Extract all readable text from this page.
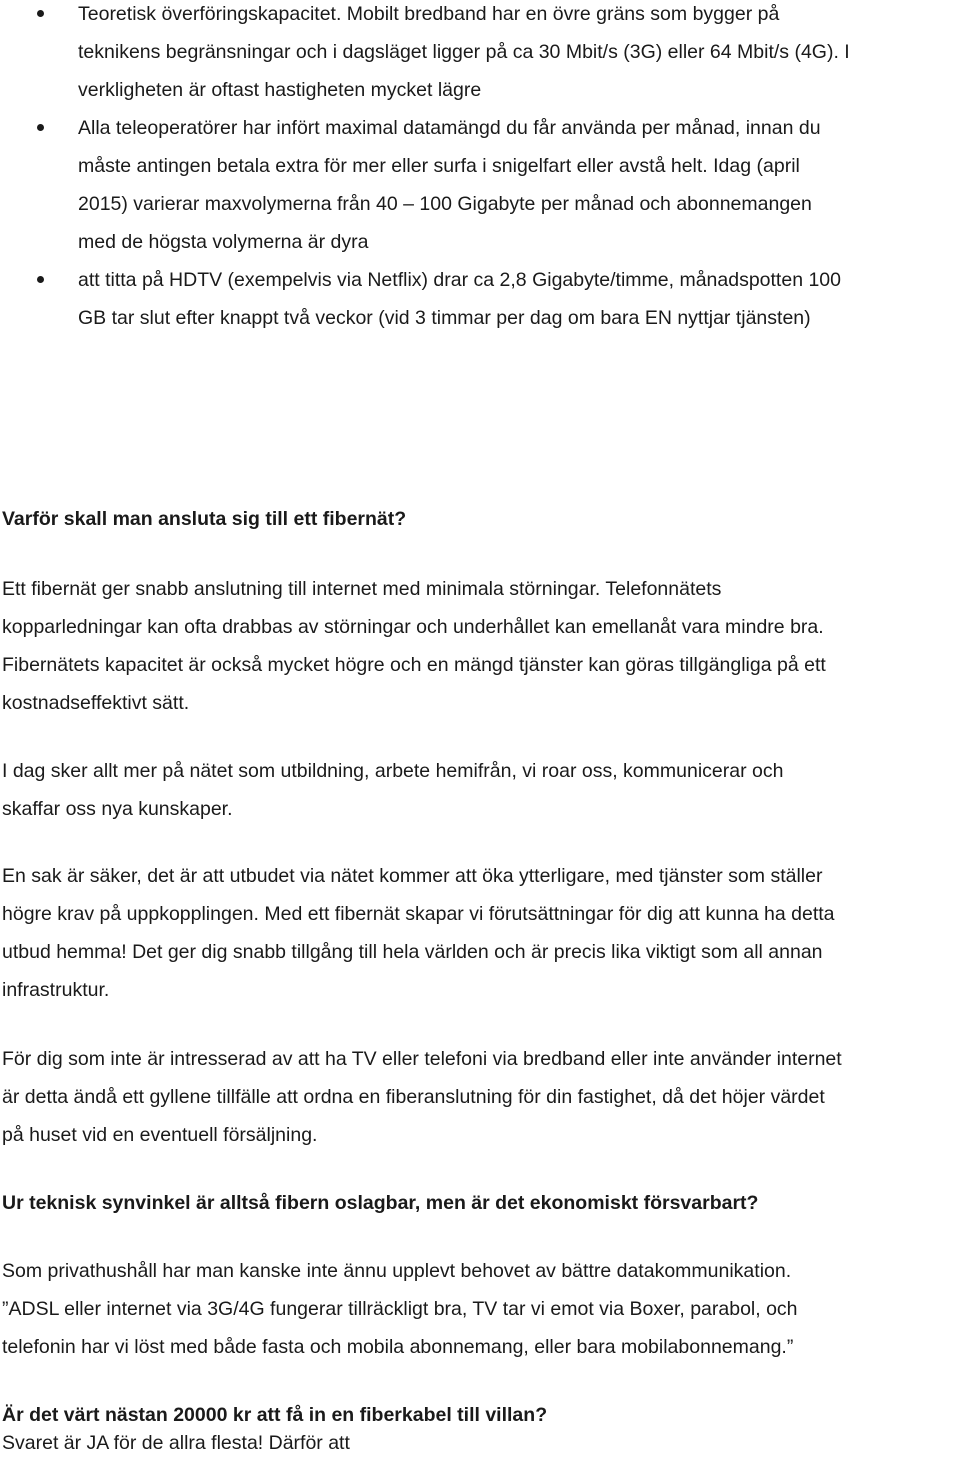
Teoretisk överföringskapacitet. Mobilt bredband har en övre gräns som bygger på
teknikens begränsningar och i dagsläget ligger på ca 30 Mbit/s (3G) eller 64 Mbit/s (4G). I
verkligheten är oftast hastigheten mycket lägre
Alla teleoperatörer har infört maximal datamängd du får använda per månad, innan du
måste antingen betala extra för mer eller surfa i snigelfart eller avstå helt. Idag (april
2015) varierar maxvolymerna från 40 – 100 Gigabyte per månad och abonnemangen
med de högsta volymerna är dyra
att titta på HDTV (exempelvis via Netflix) drar ca 2,8 Gigabyte/timme, månadspotten 100
GB tar slut efter knappt två veckor (vid 3 timmar per dag om bara EN nyttjar tjänsten)
Varför skall man ansluta sig till ett fibernät?
Ett fibernät ger snabb anslutning till internet med minimala störningar. Telefonnätets
kopparledningar kan ofta drabbas av störningar och underhållet kan emellanåt vara mindre bra.
Fibernätets kapacitet är också mycket högre och en mängd tjänster kan göras tillgängliga på ett
kostnadseffektivt sätt.
I dag sker allt mer på nätet som utbildning, arbete hemifrån, vi roar oss, kommunicerar och
skaffar oss nya kunskaper.
En sak är säker, det är att utbudet via nätet kommer att öka ytterligare, med tjänster som ställer
högre krav på uppkopplingen. Med ett fibernät skapar vi förutsättningar för dig att kunna ha detta
utbud hemma! Det ger dig snabb tillgång till hela världen och är precis lika viktigt som all annan
infrastruktur.
För dig som inte är intresserad av att ha TV eller telefoni via bredband eller inte använder internet
är detta ändå ett gyllene tillfälle att ordna en fiberanslutning för din fastighet, då det höjer värdet
på huset vid en eventuell försäljning.
Ur teknisk synvinkel är alltså fibern oslagbar, men är det ekonomiskt försvarbart?
Som privathushåll har man kanske inte ännu upplevt behovet av bättre datakommunikation.
”ADSL eller internet via 3G/4G fungerar tillräckligt bra, TV tar vi emot via Boxer, parabol, och
telefonin har vi löst med både fasta och mobila abonnemang, eller bara mobilabonnemang.”
Är det värt nästan 20000 kr att få in en fiberkabel till villan?
Svaret är JA för de allra flesta! Därför att
